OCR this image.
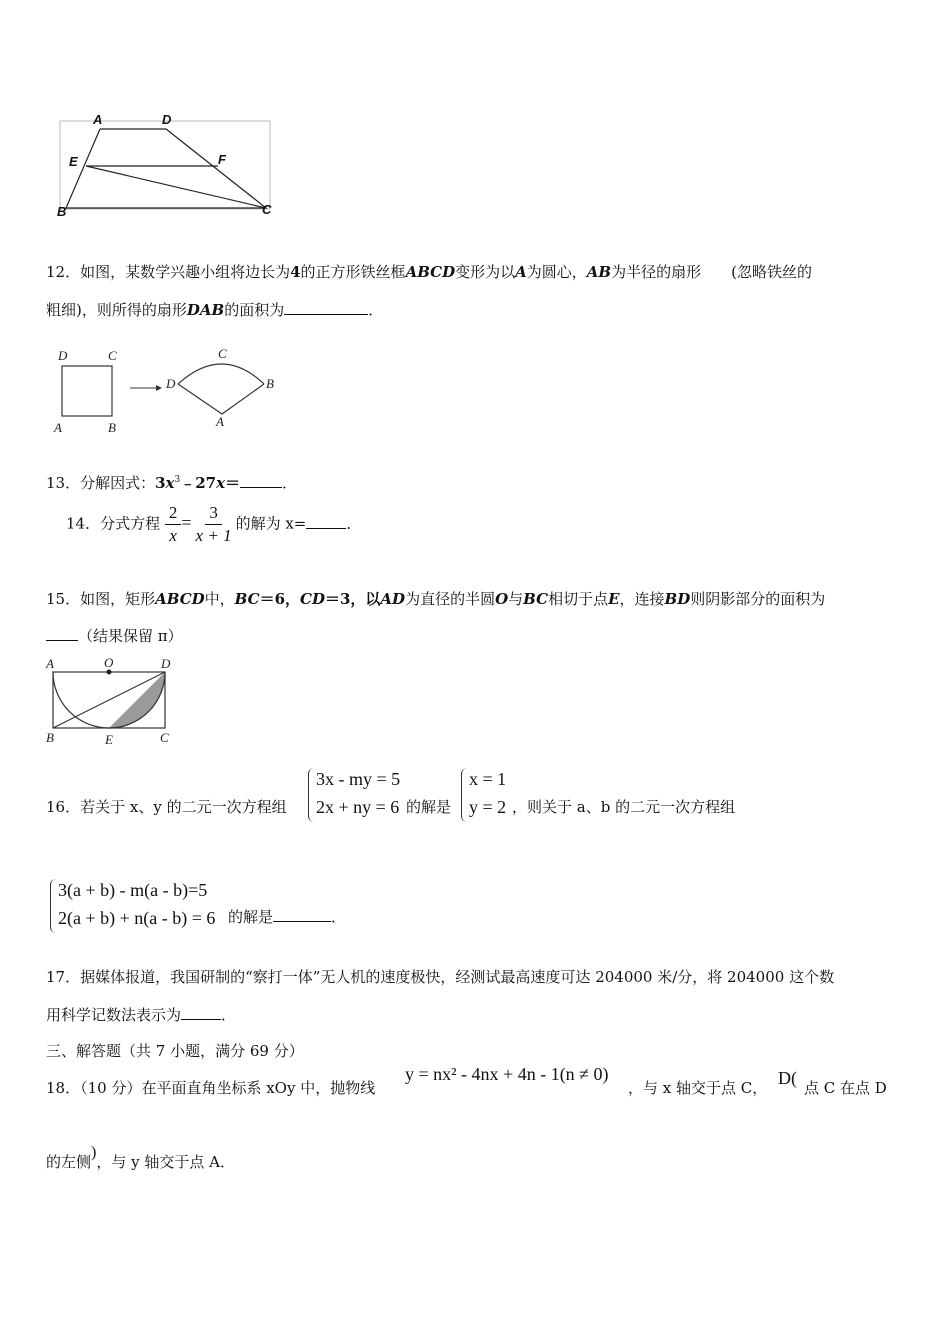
A	D
E	F
B	C
12．如图，某数学兴趣小组将边长为4的正方形铁丝框ABCD变形为以A为圆心，AB为半径的扇形 (忽略铁丝的
粗细)，则所得的扇形DAB的面积为	．
D	C
A	B
D
C
B
A
13．分解因式：$3x^3﹣27x=$	．
14．分式方程 $\frac{2}{x} = \frac{3}{x + 1}$ 的解为 x=	．
15．如图，矩形ABCD中，BC＝6，CD＝3，以AD为直径的半圆O与BC相切于点E，连接BD则阴影部分的面积为
（结果保留 π）
A	O	D
B	E	C
16．若关于 x、y 的二元一次方程组
3x - my = 5
2x + ny = 6 的解是
x = 1
y = 2 ，则关于 a、b 的二元一次方程组
3(a + b) - m(a - b)=5
2(a + b) + n(a - b) = 6 的解是	．
17．据媒体报道，我国研制的“察打一体”无人机的速度极快，经测试最高速度可达 204000 米/分，将 204000 这个数
用科学记数法表示为	．
三、解答题（共 7 小题，满分 69 分）
18．（10 分）在平面直角坐标系 xOy 中，抛物线
y = nx² - 4nx + 4n - 1(n ≠ 0)
，与 x 轴交于点 C， D( 点 C 在点 D
的左侧)，与 y 轴交于点 A．
